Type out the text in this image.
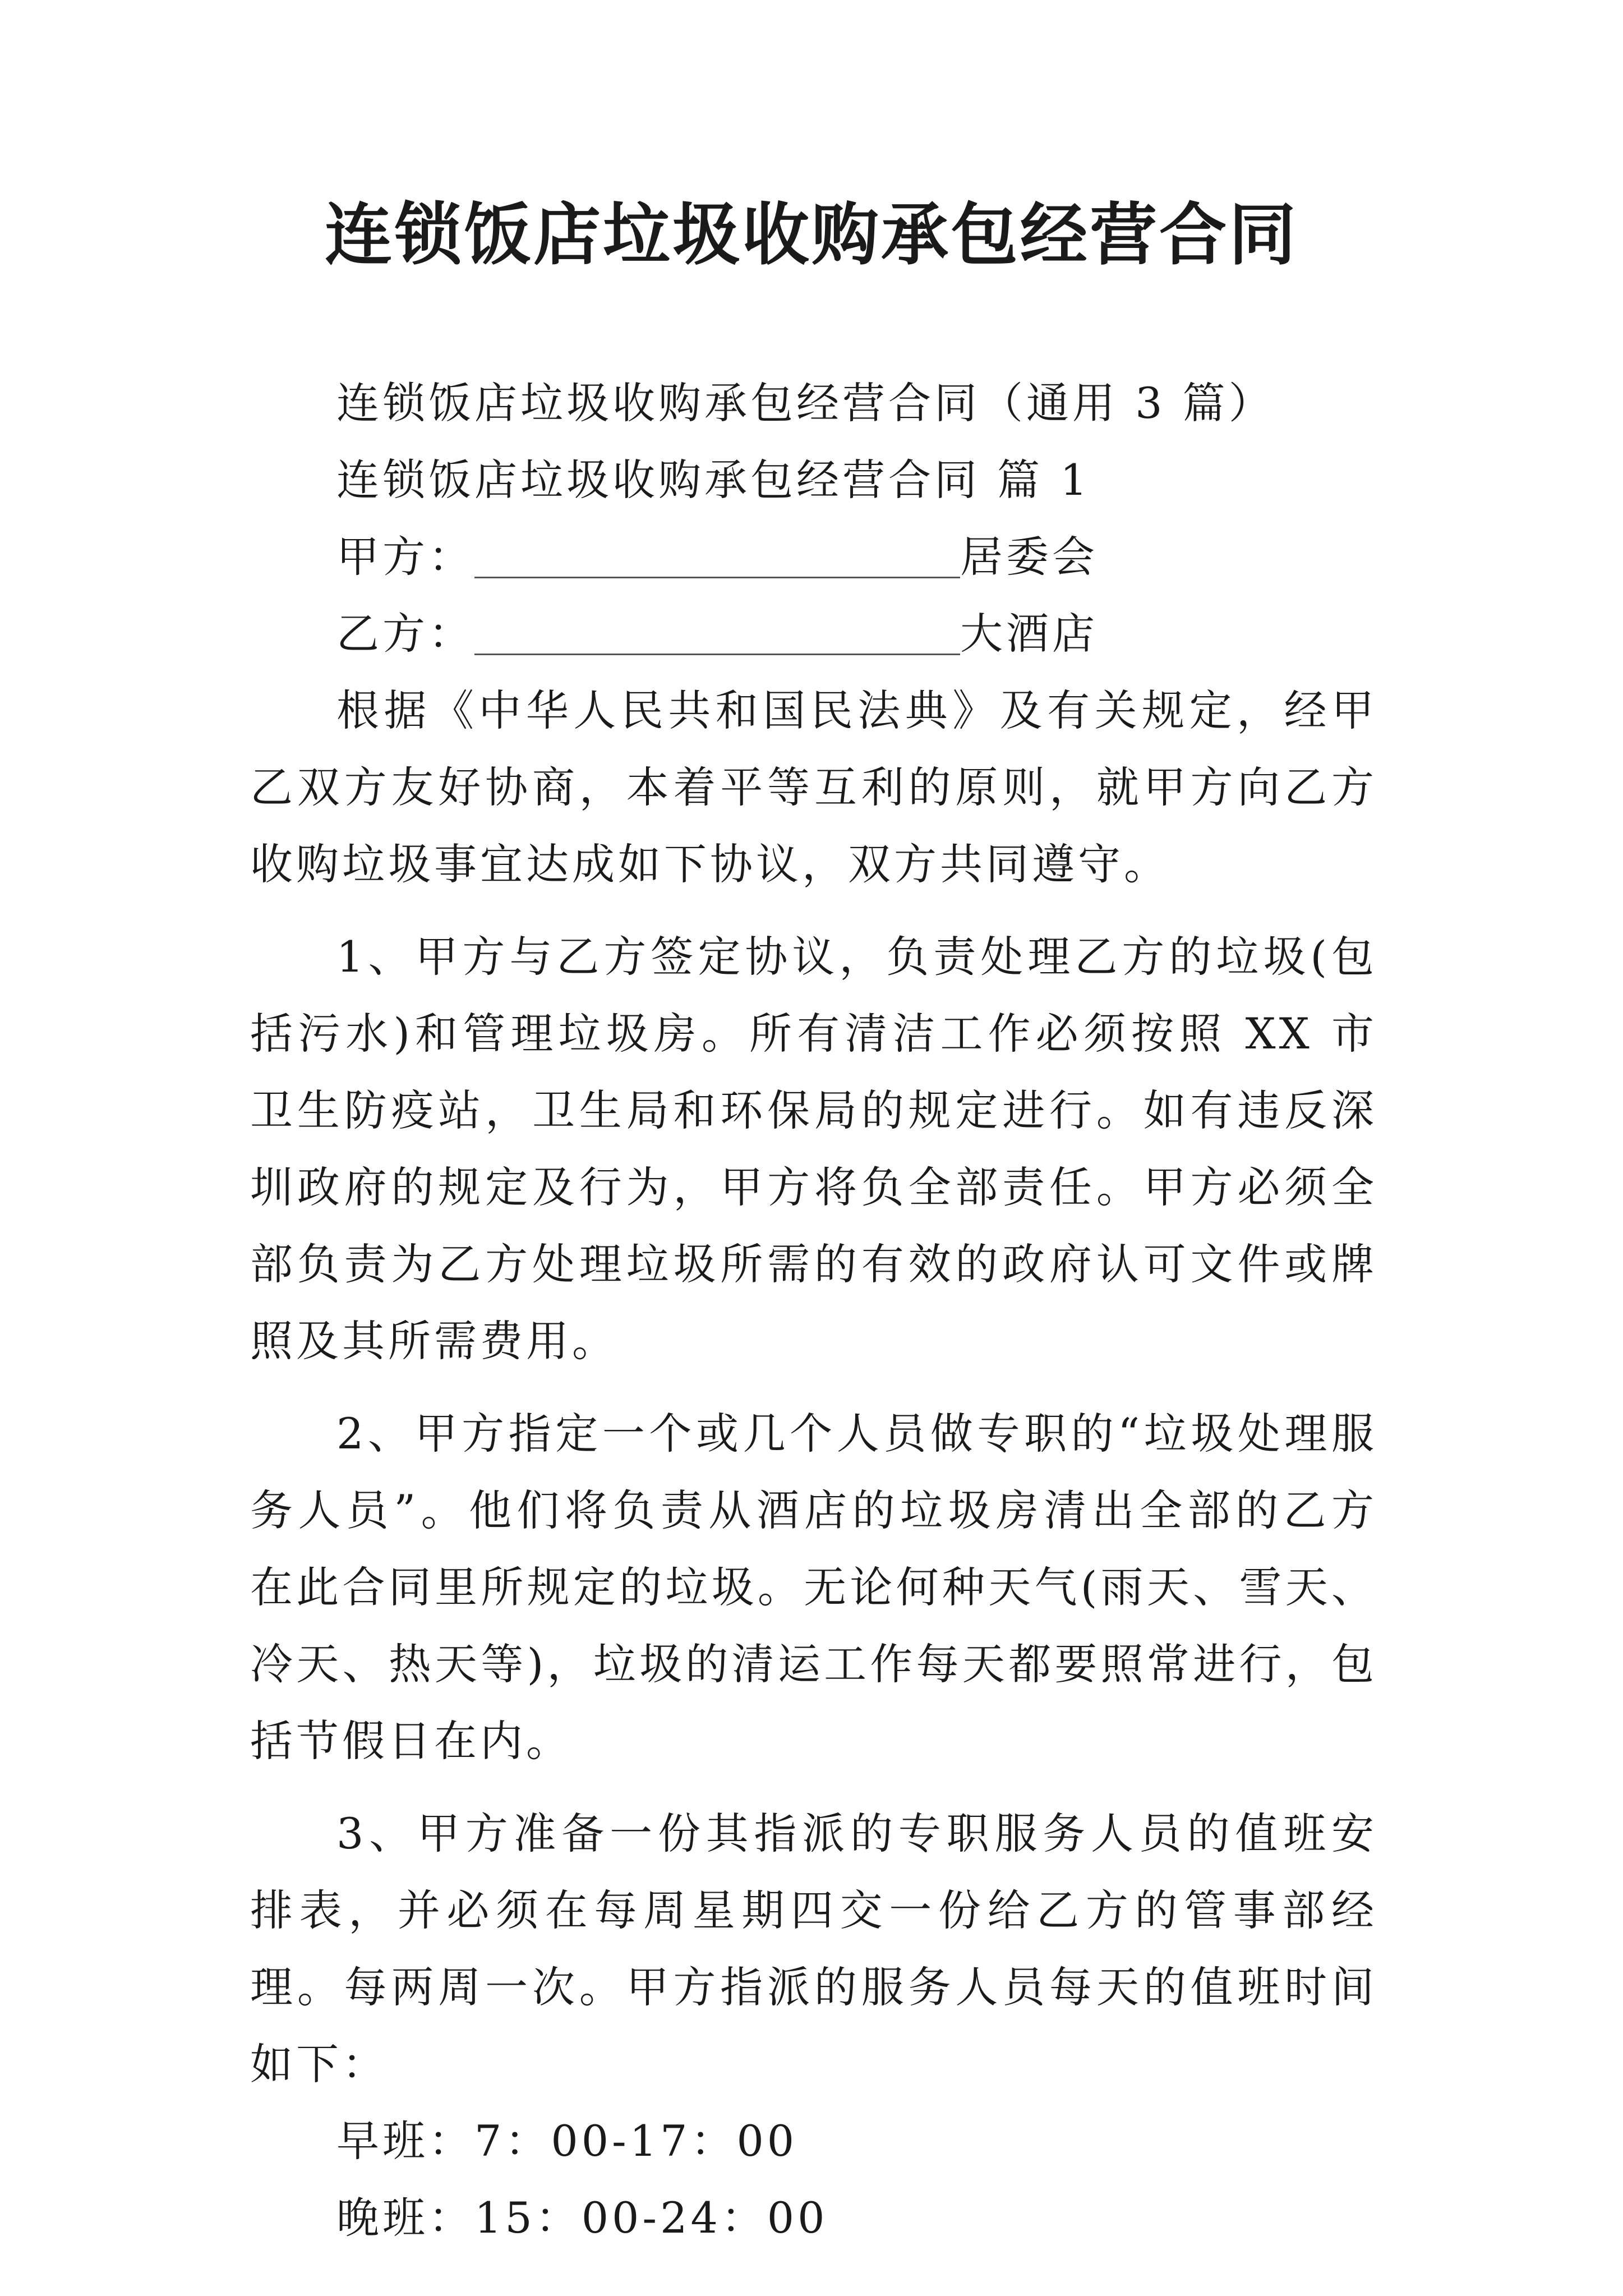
连锁饭店垃圾收购承包经营合同

连锁饭店垃圾收购承包经营合同（通用 3 篇）

连锁饭店垃圾收购承包经营合同 篇 1

甲方：	居委会

乙方：	大酒店

根据《中华人民共和国民法典》及有关规定，经甲乙双方友好协商，本着平等互利的原则，就甲方向乙方收购垃圾事宜达成如下协议，双方共同遵守。

1、甲方与乙方签定协议，负责处理乙方的垃圾(包括污水)和管理垃圾房。所有清洁工作必须按照 XX 市卫生防疫站，卫生局和环保局的规定进行。如有违反深圳政府的规定及行为，甲方将负全部责任。甲方必须全部负责为乙方处理垃圾所需的有效的政府认可文件或牌照及其所需费用。

2、甲方指定一个或几个人员做专职的“垃圾处理服务人员”。他们将负责从酒店的垃圾房清出全部的乙方在此合同里所规定的垃圾。无论何种天气(雨天、雪天、冷天、热天等)，垃圾的清运工作每天都要照常进行，包括节假日在内。

3、甲方准备一份其指派的专职服务人员的值班安排表，并必须在每周星期四交一份给乙方的管事部经理。每两周一次。甲方指派的服务人员每天的值班时间如下：

早班：7：00-17：00

晚班：15：00-24：00
